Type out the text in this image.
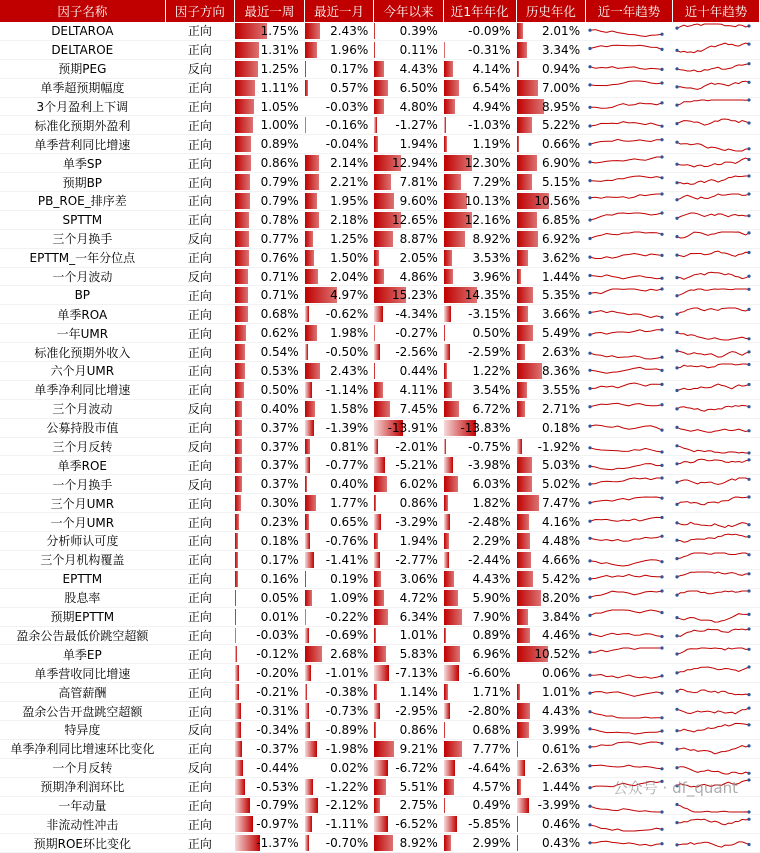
因子名称	因子方向	最近一周	最近一月	今年以来	近1年年化	历史年化	近一年趋势	近十年趋势
DELTAROA	正向	1.75%	2.43%	0.39%	-0.09%	2.01%	

DELTAROE	正向	1.31%	1.96%	0.11%	-0.31%	3.34%	

预期PEG	反向	1.25%	0.17%	4.43%	4.14%	0.94%	

单季超预期幅度	正向	1.11%	0.57%	6.50%	6.54%	7.00%	

3个月盈利上下调	正向	1.05%	-0.03%	4.80%	4.94%	8.95%	

标准化预期外盈利	正向	1.00%	-0.16%	-1.27%	-1.03%	5.22%	

单季营利同比增速	正向	0.89%	-0.04%	1.94%	1.19%	0.66%	

单季SP	正向	0.86%	2.14%	12.94%	12.30%	6.90%	

预期BP	正向	0.79%	2.21%	7.81%	7.29%	5.15%	

PB_ROE_排序差	正向	0.79%	1.95%	9.60%	10.13%	10.56%	

SPTTM	正向	0.78%	2.18%	12.65%	12.16%	6.85%	

三个月换手	反向	0.77%	1.25%	8.87%	8.92%	6.92%	

EPTTM_一年分位点	正向	0.76%	1.50%	2.05%	3.53%	3.62%	

一个月波动	反向	0.71%	2.04%	4.86%	3.96%	1.44%	

BP	正向	0.71%	4.97%	15.23%	14.35%	5.35%	

单季ROA	正向	0.68%	-0.62%	-4.34%	-3.15%	3.66%	

一年UMR	正向	0.62%	1.98%	-0.27%	0.50%	5.49%	

标准化预期外收入	正向	0.54%	-0.50%	-2.56%	-2.59%	2.63%	

六个月UMR	正向	0.53%	2.43%	0.44%	1.22%	8.36%	

单季净利同比增速	正向	0.50%	-1.14%	4.11%	3.54%	3.55%	

三个月波动	反向	0.40%	1.58%	7.45%	6.72%	2.71%	

公募持股市值	正向	0.37%	-1.39%	-13.91%	-13.83%	0.18%	

三个月反转	反向	0.37%	0.81%	-2.01%	-0.75%	-1.92%	

单季ROE	正向	0.37%	-0.77%	-5.21%	-3.98%	5.03%	

一个月换手	反向	0.37%	0.40%	6.02%	6.03%	5.02%	

三个月UMR	正向	0.30%	1.77%	0.86%	1.82%	7.47%	

一个月UMR	正向	0.23%	0.65%	-3.29%	-2.48%	4.16%	

分析师认可度	正向	0.18%	-0.76%	1.94%	2.29%	4.48%	

三个月机构覆盖	正向	0.17%	-1.41%	-2.77%	-2.44%	4.66%	

EPTTM	正向	0.16%	0.19%	3.06%	4.43%	5.42%	

股息率	正向	0.05%	1.09%	4.72%	5.90%	8.20%	

预期EPTTM	正向	0.01%	-0.22%	6.34%	7.90%	3.84%	

盈余公告最低价跳空超额	正向	-0.03%	-0.69%	1.01%	0.89%	4.46%	

单季EP	正向	-0.12%	2.68%	5.83%	6.96%	10.52%	

单季营收同比增速	正向	-0.20%	-1.01%	-7.13%	-6.60%	0.06%	

高管薪酬	正向	-0.21%	-0.38%	1.14%	1.71%	1.01%	

盈余公告开盘跳空超额	正向	-0.31%	-0.73%	-2.95%	-2.80%	4.43%	

特异度	反向	-0.34%	-0.89%	0.86%	0.68%	3.99%	

单季净利同比增速环比变化	正向	-0.37%	-1.98%	9.21%	7.77%	0.61%	

一个月反转	反向	-0.44%	0.02%	-6.72%	-4.64%	-2.63%	

预期净利润环比	正向	-0.53%	-1.22%	5.51%	4.57%	1.44%	

一年动量	正向	-0.79%	-2.12%	2.75%	0.49%	-3.99%	

非流动性冲击	正向	-0.97%	-1.11%	-6.52%	-5.85%	0.46%	

预期ROE环比变化	正向	-1.37%	-0.70%	8.92%	2.99%	0.43%	

公众号 · df_quant
